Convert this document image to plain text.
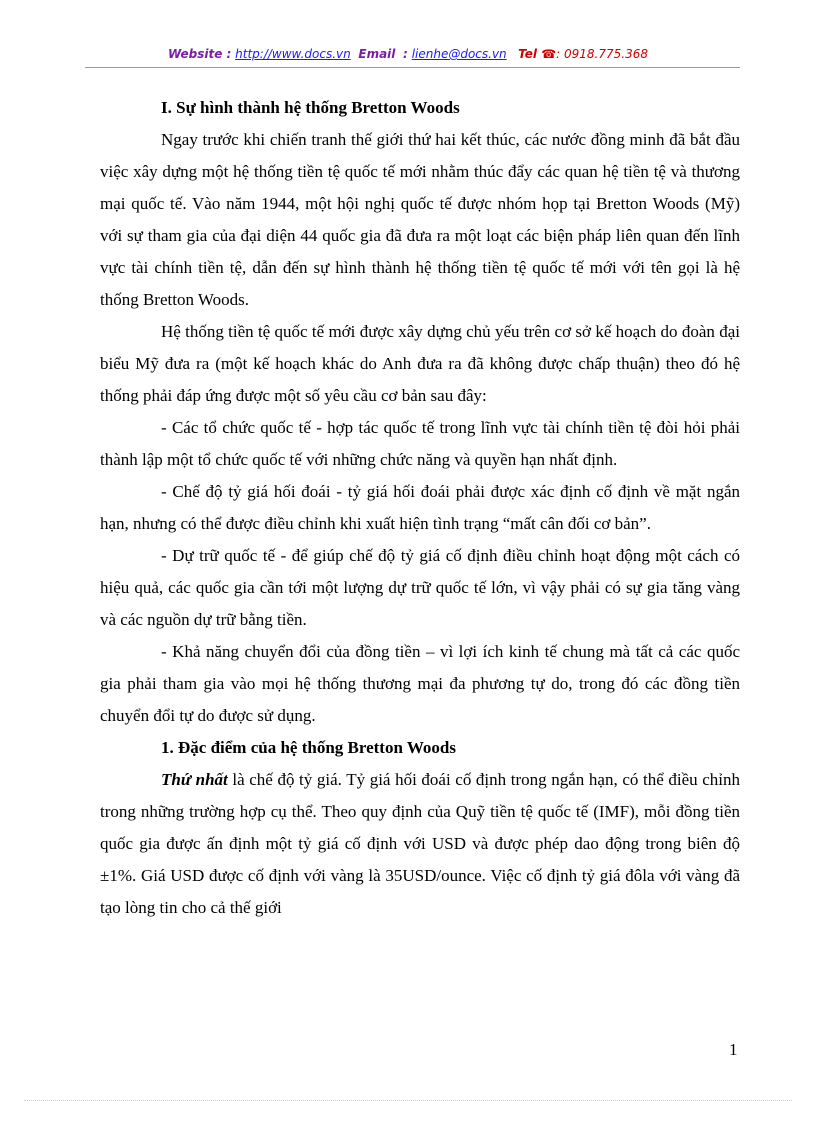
Website : http://www.docs.vn Email : lienhe@docs.vn Tel ☎: 0918.775.368
I. Sự hình thành hệ thống Bretton Woods

Ngay trước khi chiến tranh thế giới thứ hai kết thúc, các nước đồng minh đã bắt đầu việc xây dựng một hệ thống tiền tệ quốc tế mới nhằm thúc đẩy các quan hệ tiền tệ và thương mại quốc tế. Vào năm 1944, một hội nghị quốc tế được nhóm họp tại Bretton Woods (Mỹ) với sự tham gia của đại diện 44 quốc gia đã đưa ra một loạt các biện pháp liên quan đến lĩnh vực tài chính tiền tệ, dẫn đến sự hình thành hệ thống tiền tệ quốc tế mới với tên gọi là hệ thống Bretton Woods.

Hệ thống tiền tệ quốc tế mới được xây dựng chủ yếu trên cơ sở kế hoạch do đoàn đại biểu Mỹ đưa ra (một kế hoạch khác do Anh đưa ra đã không được chấp thuận) theo đó hệ thống phải đáp ứng được một số yêu cầu cơ bản sau đây:

- Các tổ chức quốc tế - hợp tác quốc tế trong lĩnh vực tài chính tiền tệ đòi hỏi phải thành lập một tổ chức quốc tế với những chức năng và quyền hạn nhất định.

- Chế độ tỷ giá hối đoái - tỷ giá hối đoái phải được xác định cố định về mặt ngắn hạn, nhưng có thể được điều chỉnh khi xuất hiện tình trạng “mất cân đối cơ bản”.

- Dự trữ quốc tế - để giúp chế độ tỷ giá cố định điều chỉnh hoạt động một cách có hiệu quả, các quốc gia cần tới một lượng dự trữ quốc tế lớn, vì vậy phải có sự gia tăng vàng và các nguồn dự trữ bằng tiền.

- Khả năng chuyển đổi của đồng tiền – vì lợi ích kinh tế chung mà tất cả các quốc gia phải tham gia vào mọi hệ thống thương mại đa phương tự do, trong đó các đồng tiền chuyển đổi tự do được sử dụng.

1. Đặc điểm của hệ thống Bretton Woods

Thứ nhất là chế độ tỷ giá. Tỷ giá hối đoái cố định trong ngắn hạn, có thể điều chỉnh trong những trường hợp cụ thể. Theo quy định của Quỹ tiền tệ quốc tế (IMF), mỗi đồng tiền quốc gia được ấn định một tỷ giá cố định với USD và được phép dao động trong biên độ ±1%. Giá USD được cố định với vàng là 35USD/ounce. Việc cố định tỷ giá đôla với vàng đã tạo lòng tin cho cả thế giới

1
